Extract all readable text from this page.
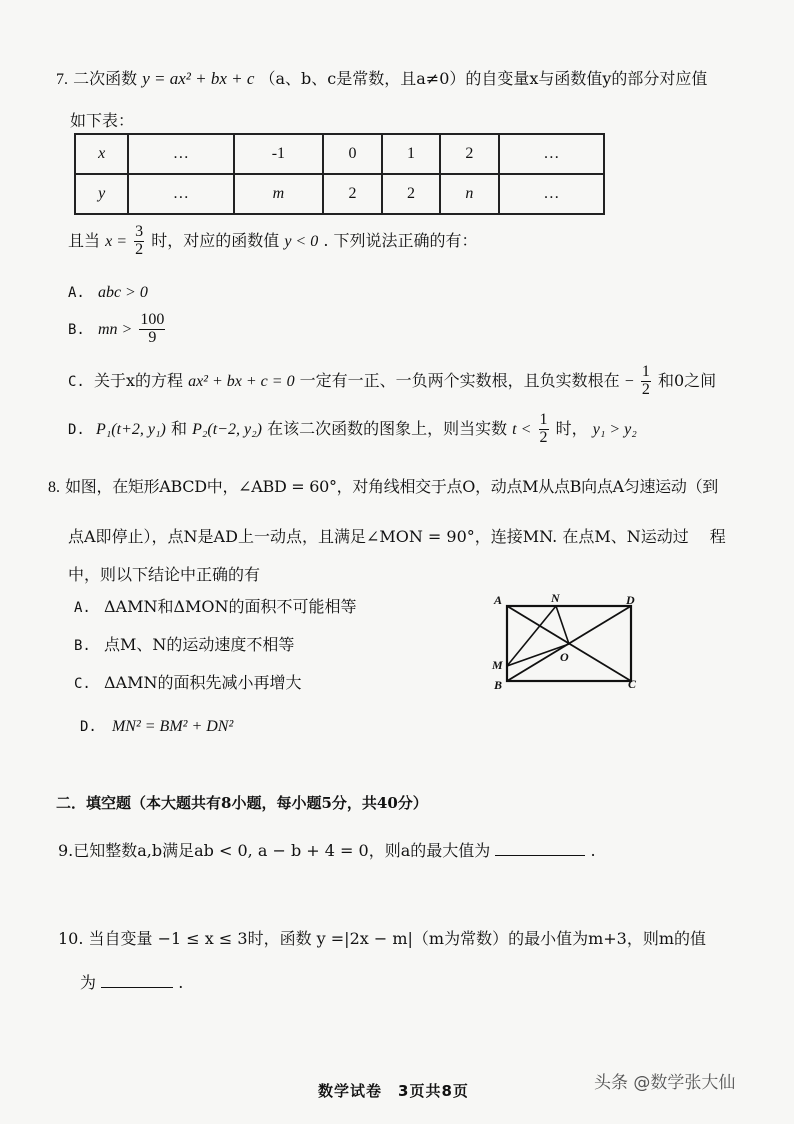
7. 二次函数 y = ax² + bx + c （a、b、c是常数，且a≠0）的自变量x与函数值y的部分对应值
如下表：
x	…	-1	0	1	2	…
y	…	m	2	2	n	…
且当 $x = \frac{3}{2}$ 时，对应的函数值 y < 0 . 下列说法正确的有：
A. abc > 0
B. mn > $\frac{100}{9}$
C. 关于x的方程 ax² + bx + c = 0 一定有一正、一负两个实数根，且负实数根在 − $\frac{1}{2}$ 和0之间
D. P₁(t+2, y₁) 和 P₂(t−2, y₂) 在该二次函数的图象上，则当实数 $t < \frac{1}{2}$ 时， y₁ > y₂
8. 如图，在矩形ABCD中，∠ABD = 60°，对角线相交于点O，动点M从点B向点A匀速运动（到
点A即停止），点N是AD上一动点，且满足∠MON = 90°，连接MN. 在点M、N运动过　 程
中，则以下结论中正确的有
A. ΔAMN和ΔMON的面积不可能相等
B. 点M、N的运动速度不相等
C. ΔAMN的面积先减小再增大
D. MN² = BM² + DN²
A	N	D
M
O
B	C
二．填空题（本大题共有8小题，每小题5分，共40分）
9.已知整数a,b满足ab < 0, a − b + 4 = 0，则a的最大值为	.
10. 当自变量 −1 ≤ x ≤ 3时，函数 y =|2x − m|（m为常数）的最小值为m+3，则m的值
为	.
数学试卷　3页共8页	头条 @数学张大仙
